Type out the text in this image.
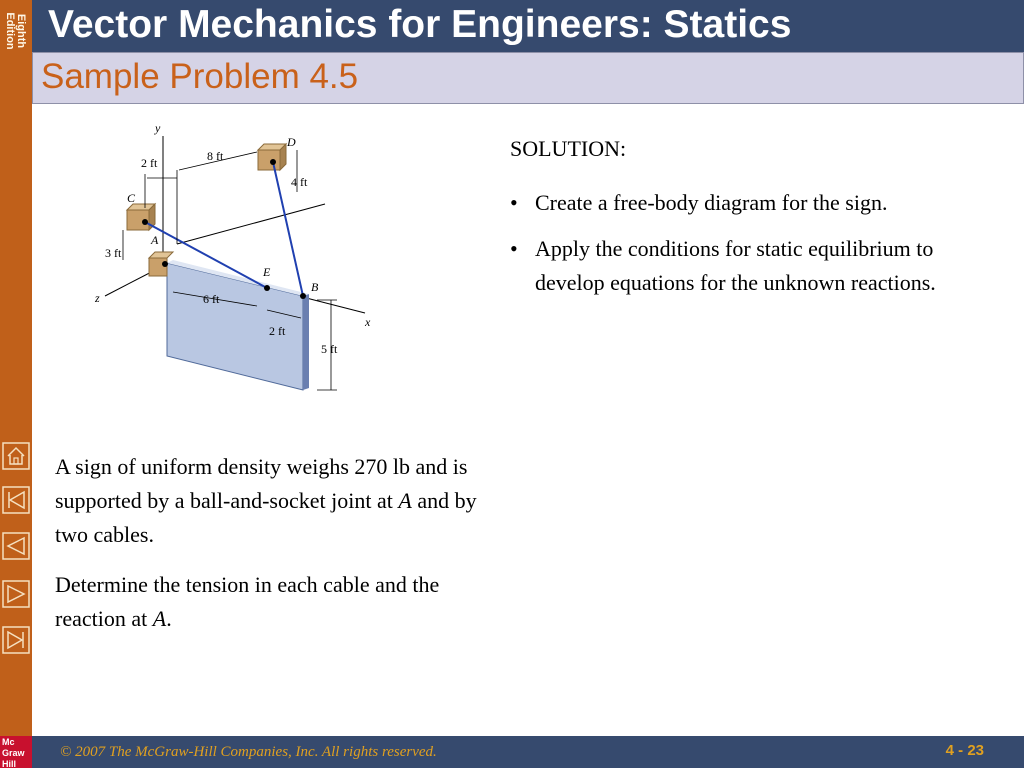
Eighth Edition Vector Mechanics for Engineers: Statics
Sample Problem 4.5
y
z
x
C
D
A
E
B
2 ft	8 ft
4 ft
3 ft
6 ft
2 ft
5 ft
SOLUTION:
• Create a free-body diagram for the sign.
• Apply the conditions for static equilibrium to develop equations for the unknown reactions.

A sign of uniform density weighs 270 lb and is supported by a ball-and-socket joint at A and by two cables.

Determine the tension in each cable and the reaction at A.

Mc
Graw
Hill
© 2007 The McGraw-Hill Companies, Inc. All rights reserved.	4 - 23
